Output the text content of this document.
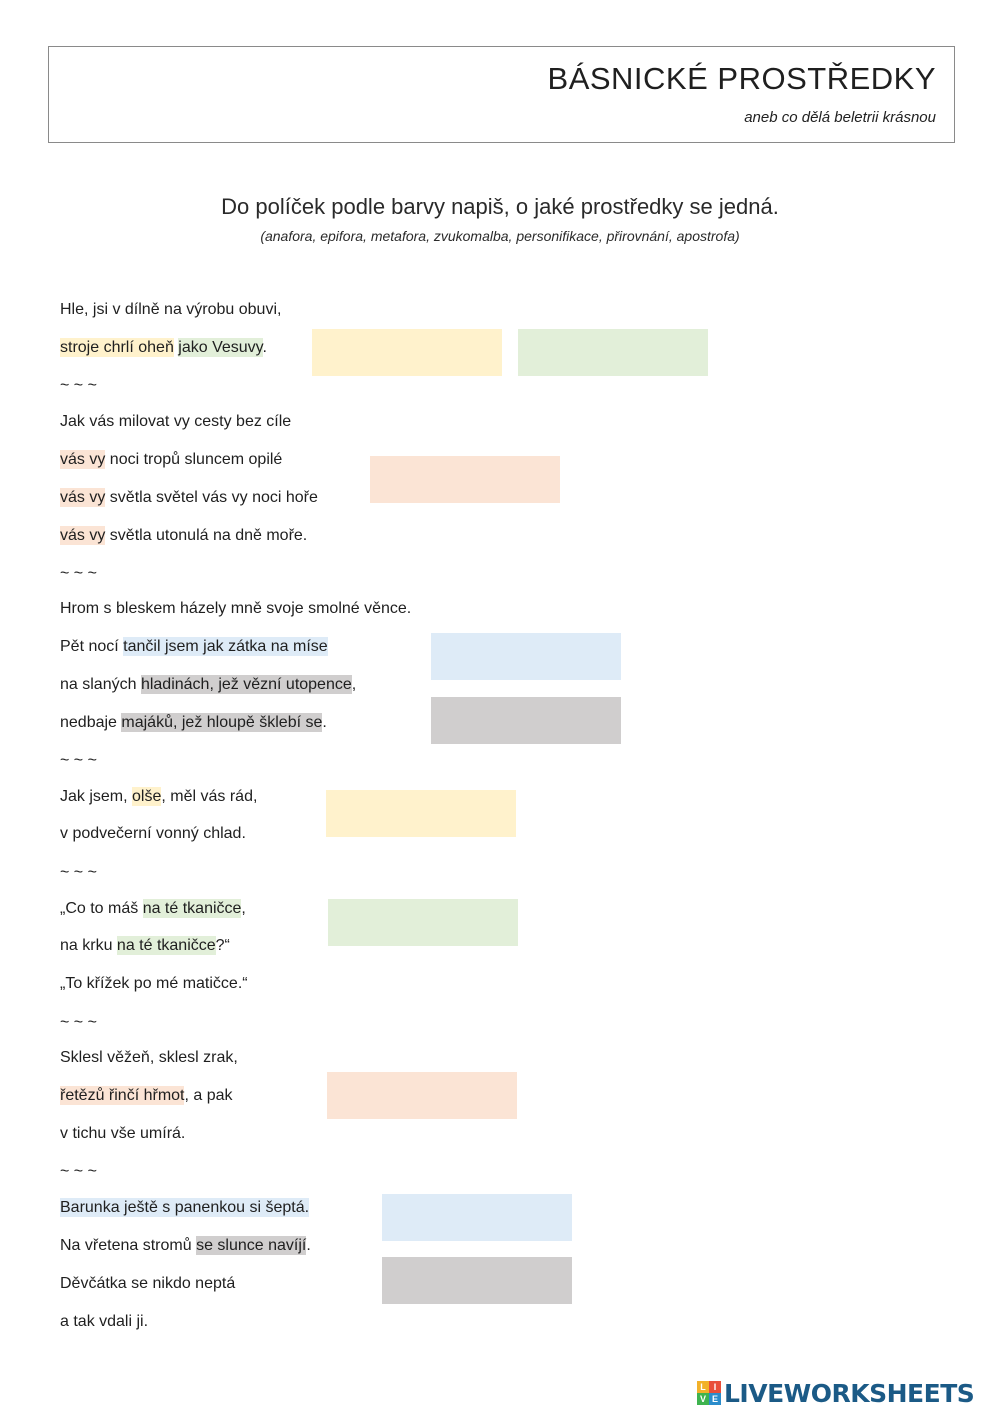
BÁSNICKÉ PROSTŘEDKY
aneb co dělá beletrii krásnou
Do políček podle barvy napiš, o jaké prostředky se jedná.
(anafora, epifora, metafora, zvukomalba, personifikace, přirovnání, apostrofa)
Hle, jsi v dílně na výrobu obuvi,
stroje chrlí oheň jako Vesuvy.
~ ~ ~
Jak vás milovat vy cesty bez cíle
vás vy noci tropů sluncem opilé
vás vy světla světel vás vy noci hoře
vás vy světla utonulá na dně moře.
~ ~ ~
Hrom s bleskem házely mně svoje smolné věnce.
Pět nocí tančil jsem jak zátka na míse
na slaných hladinách, jež vězní utopence,
nedbaje majáků, jež hloupě šklebí se.
~ ~ ~
Jak jsem, olše, měl vás rád,
v podvečerní vonný chlad.
~ ~ ~
„Co to máš na té tkaničce,
na krku na té tkaničce?“
„To křížek po mé matičce.“
~ ~ ~
Sklesl věžeň, sklesl zrak,
řetězů řinčí hřmot, a pak
v tichu vše umírá.
~ ~ ~
Barunka ještě s panenkou si šeptá.
Na vřetena stromů se slunce navíjí.
Děvčátka se nikdo neptá
a tak vdali ji.
L I
V E LIVEWORKSHEETS
